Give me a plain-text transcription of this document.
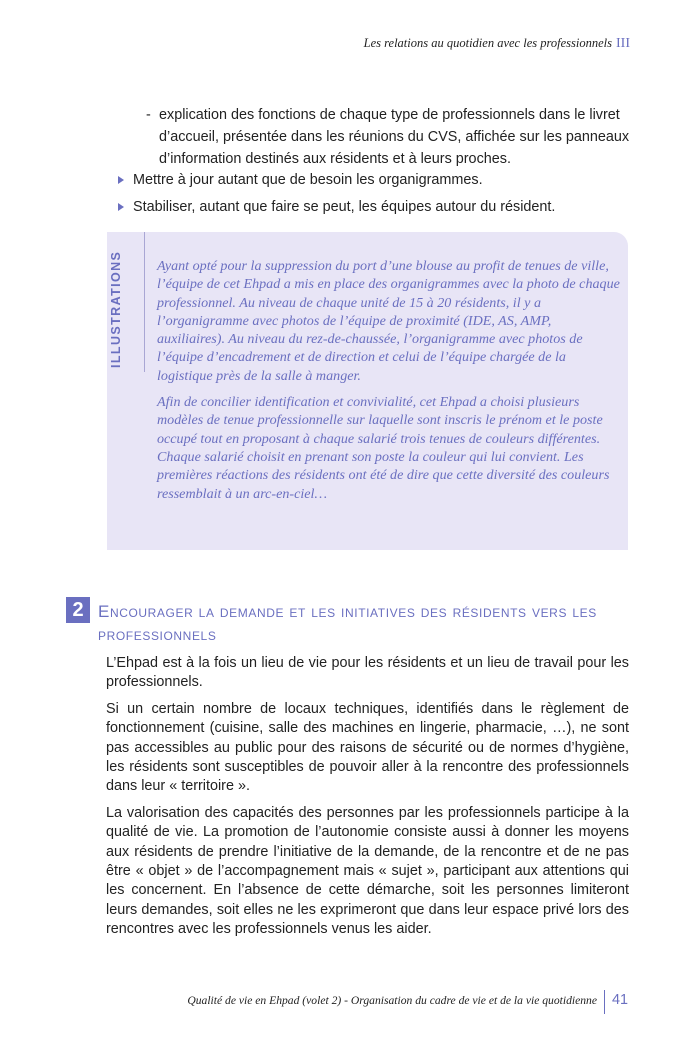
Les relations au quotidien avec les professionnels III
- explication des fonctions de chaque type de professionnels dans le livret d’accueil, présentée dans les réunions du CVS, affichée sur les panneaux d’information destinés aux résidents et à leurs proches.
Mettre à jour autant que de besoin les organigrammes.
Stabiliser, autant que faire se peut, les équipes autour du résident.
ILLUSTRATIONS Ayant opté pour la suppression du port d’une blouse au profit de tenues de ville, l’équipe de cet Ehpad a mis en place des organigrammes avec la photo de chaque professionnel. Au niveau de chaque unité de 15 à 20 résidents, il y a l’organigramme avec photos de l’équipe de proximité (IDE, AS, AMP, auxiliaires). Au niveau du rez-de-chaussée, l’organigramme avec photos de l’équipe d’encadrement et de direction et celui de l’équipe chargée de la logistique près de la salle à manger.

Afin de concilier identification et convivialité, cet Ehpad a choisi plusieurs modèles de tenue professionnelle sur laquelle sont inscris le prénom et le poste occupé tout en proposant à chaque salarié trois tenues de couleurs différentes. Chaque salarié choisit en prenant son poste la couleur qui lui convient. Les premières réactions des résidents ont été de dire que cette diversité des couleurs ressemblait à un arc-en-ciel…

2 Encourager la demande et les initiatives des résidents vers les professionnels

L’Ehpad est à la fois un lieu de vie pour les résidents et un lieu de travail pour les professionnels.

Si un certain nombre de locaux techniques, identifiés dans le règlement de fonctionnement (cuisine, salle des machines en lingerie, pharmacie, …), ne sont pas accessibles au public pour des raisons de sécurité ou de normes d’hygiène, les résidents sont susceptibles de pouvoir aller à la rencontre des professionnels dans leur « territoire ».

La valorisation des capacités des personnes par les professionnels participe à la qualité de vie. La promotion de l’autonomie consiste aussi à donner les moyens aux résidents de prendre l’initiative de la demande, de la rencontre et de ne pas être « objet » de l’accompagnement mais « sujet », participant aux attentions qui les concernent. En l’absence de cette démarche, soit les personnes limiteront leurs demandes, soit elles ne les exprimeront que dans leur espace privé lors des rencontres avec les professionnels venus les aider.

Qualité de vie en Ehpad (volet 2) - Organisation du cadre de vie et de la vie quotidienne 41
